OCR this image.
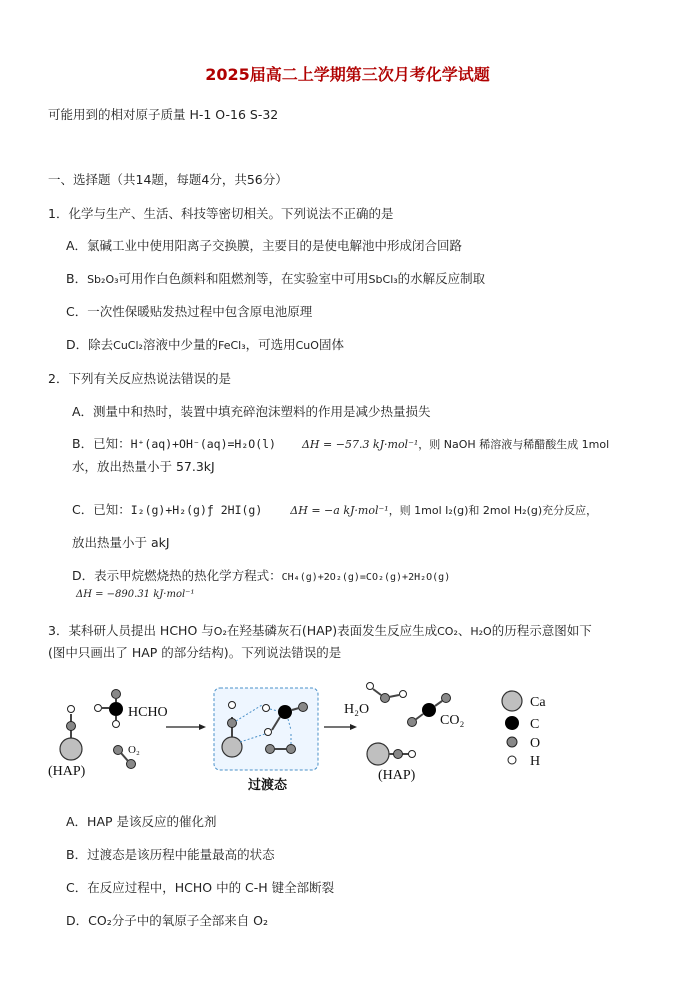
2025届高二上学期第三次月考化学试题
可能用到的相对原子质量 H-1 O-16 S-32
一、选择题（共14题，每题4分，共56分）
1．化学与生产、生活、科技等密切相关。下列说法不正确的是
A．氯碱工业中使用阳离子交换膜，主要目的是使电解池中形成闭合回路
B．Sb₂O₃可用作白色颜料和阻燃剂等，在实验室中可用SbCl₃的水解反应制取
C．一次性保暖贴发热过程中包含原电池原理
D．除去CuCl₂溶液中少量的FeCl₃，可选用CuO固体
2．下列有关反应热说法错误的是
A．测量中和热时，装置中填充碎泡沫塑料的作用是减少热量损失
B．已知：H⁺(aq)+OH⁻(aq)=H₂O(l) ΔH = −57.3 kJ·mol⁻¹，则 NaOH 稀溶液与稀醋酸生成 1mol
水，放出热量小于 57.3kJ
C．已知：I₂(g)+H₂(g)ƒ 2HI(g)	ΔH = −a kJ·mol⁻¹，则 1mol I₂(g)和 2mol H₂(g)充分反应，
放出热量小于 akJ
D．表示甲烷燃烧热的热化学方程式：CH₄(g)+2O₂(g)=CO₂(g)+2H₂O(g)
ΔH = −890.31 kJ·mol⁻¹
3．某科研人员提出 HCHO 与O₂在羟基磷灰石(HAP)表面发生反应生成CO₂、H₂O的历程示意图如下
(图中只画出了 HAP 的部分结构)。下列说法错误的是
(HAP)
HCHO
O₂
过渡态
H₂O
CO₂
(HAP)
Ca
C
O
H
A．HAP 是该反应的催化剂
B．过渡态是该历程中能量最高的状态
C．在反应过程中，HCHO 中的 C-H 键全部断裂
D．CO₂分子中的氧原子全部来自 O₂
